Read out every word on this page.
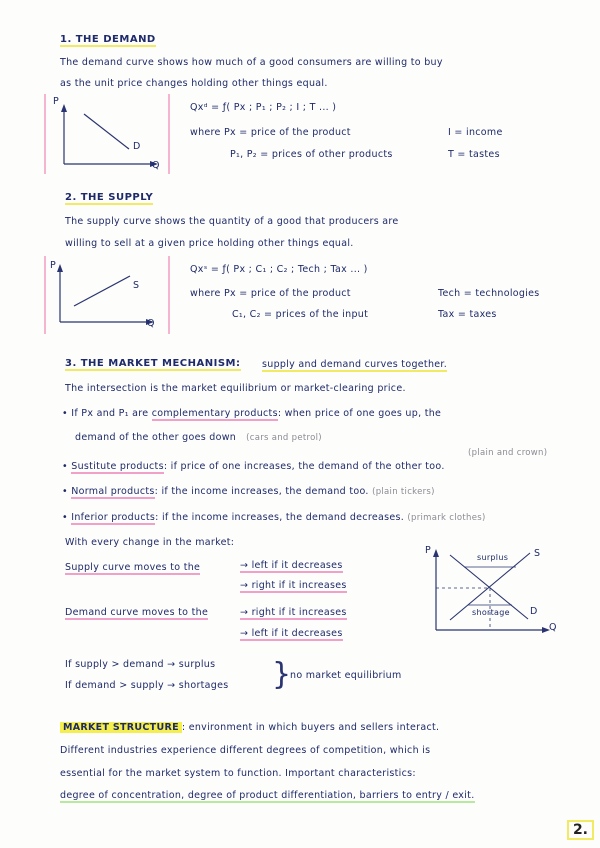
1. THE DEMAND
The demand curve shows how much of a good consumers are willing to buy
as the unit price changes holding other things equal.
P
Q
D
Qxᵈ = ƒ( Px ; P₁ ; P₂ ; I ; T ... )
where Px = price of the product	I = income
P₁, P₂ = prices of other products	T = tastes
2. THE SUPPLY
The supply curve shows the quantity of a good that producers are
willing to sell at a given price holding other things equal.
P
Q
S
Qxˢ = ƒ( Px ; C₁ ; C₂ ; Tech ; Tax ... )
where Px = price of the product	Tech = technologies
C₁, C₂ = prices of the input	Tax = taxes
3. THE MARKET MECHANISM: supply and demand curves together.
The intersection is the market equilibrium or market-clearing price.
• If Px and P₁ are complementary products: when price of one goes up, the
demand of the other goes down (cars and petrol)
(plain and crown)
• Sustitute products: if price of one increases, the demand of the other too.
• Normal products: if the income increases, the demand too. (plain tickers)
• Inferior products: if the income increases, the demand decreases. (primark clothes)
With every change in the market:
Supply curve moves to the	→ left if it decreases
→ right if it increases
Demand curve moves to the	→ right if it increases
→ left if it decreases
P
Q
S
D
surplus
shortage
If supply > demand → surplus
If demand > supply → shortages }
no market equilibrium
MARKET STRUCTURE : environment in which buyers and sellers interact.
Different industries experience different degrees of competition, which is
essential for the market system to function. Important characteristics:
degree of concentration, degree of product differentiation, barriers to entry / exit.
2.
